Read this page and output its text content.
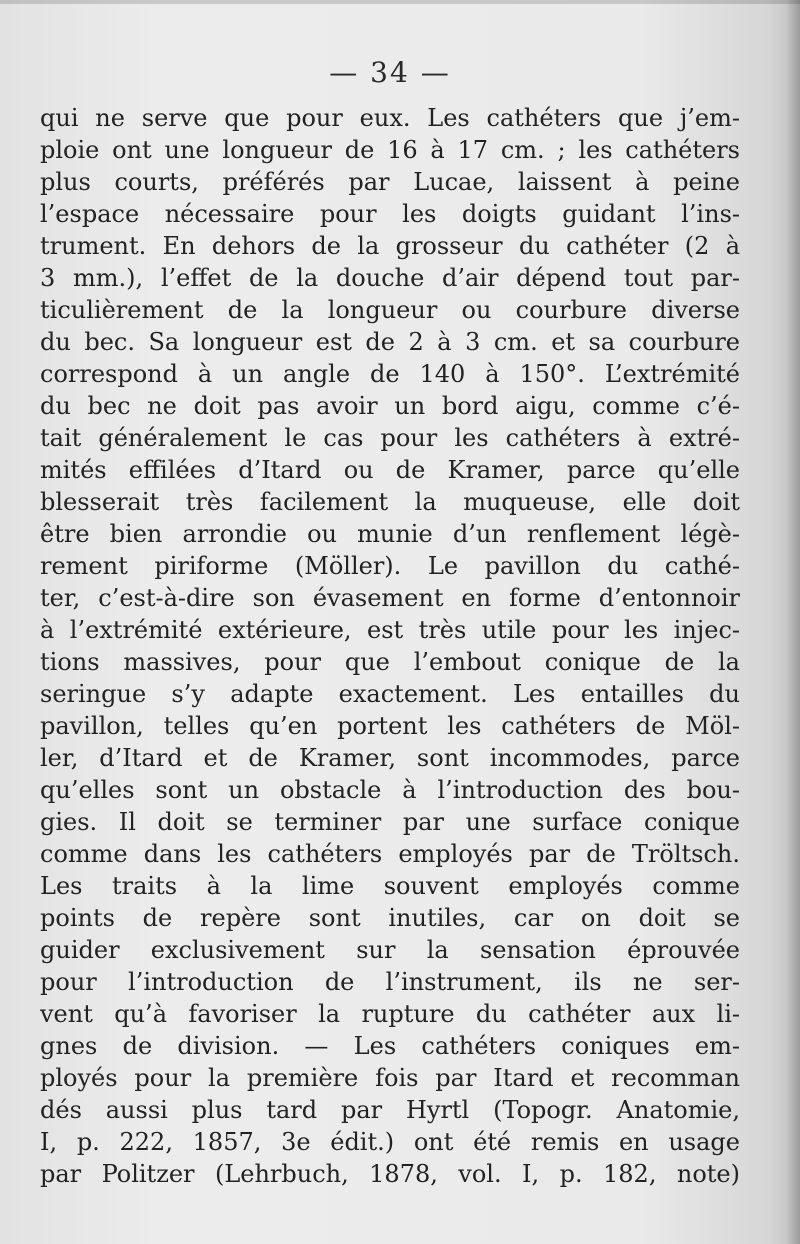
— 34 —
qui ne serve que pour eux. Les cathéters que j’em-
ploie ont une longueur de 16 à 17 cm. ; les cathéters
plus courts, préférés par Lucae, laissent à peine
l’espace nécessaire pour les doigts guidant l’ins-
trument. En dehors de la grosseur du cathéter (2 à
3 mm.), l’effet de la douche d’air dépend tout par-
ticulièrement de la longueur ou courbure diverse
du bec. Sa longueur est de 2 à 3 cm. et sa courbure
correspond à un angle de 140 à 150°. L’extrémité
du bec ne doit pas avoir un bord aigu, comme c’é-
tait généralement le cas pour les cathéters à extré-
mités effilées d’Itard ou de Kramer, parce qu’elle
blesserait très facilement la muqueuse, elle doit
être bien arrondie ou munie d’un renflement légè-
rement piriforme (Möller). Le pavillon du cathé-
ter, c’est-à-dire son évasement en forme d’entonnoir
à l’extrémité extérieure, est très utile pour les injec-
tions massives, pour que l’embout conique de la
seringue s’y adapte exactement. Les entailles du
pavillon, telles qu’en portent les cathéters de Möl-
ler, d’Itard et de Kramer, sont incommodes, parce
qu’elles sont un obstacle à l’introduction des bou-
gies. Il doit se terminer par une surface conique
comme dans les cathéters employés par de Tröltsch.
Les traits à la lime souvent employés comme
points de repère sont inutiles, car on doit se
guider exclusivement sur la sensation éprouvée
pour l’introduction de l’instrument, ils ne ser-
vent qu’à favoriser la rupture du cathéter aux li-
gnes de division. — Les cathéters coniques em-
ployés pour la première fois par Itard et recomman
dés aussi plus tard par Hyrtl (Topogr. Anatomie,
I, p. 222, 1857, 3e édit.) ont été remis en usage
par Politzer (Lehrbuch, 1878, vol. I, p. 182, note)
